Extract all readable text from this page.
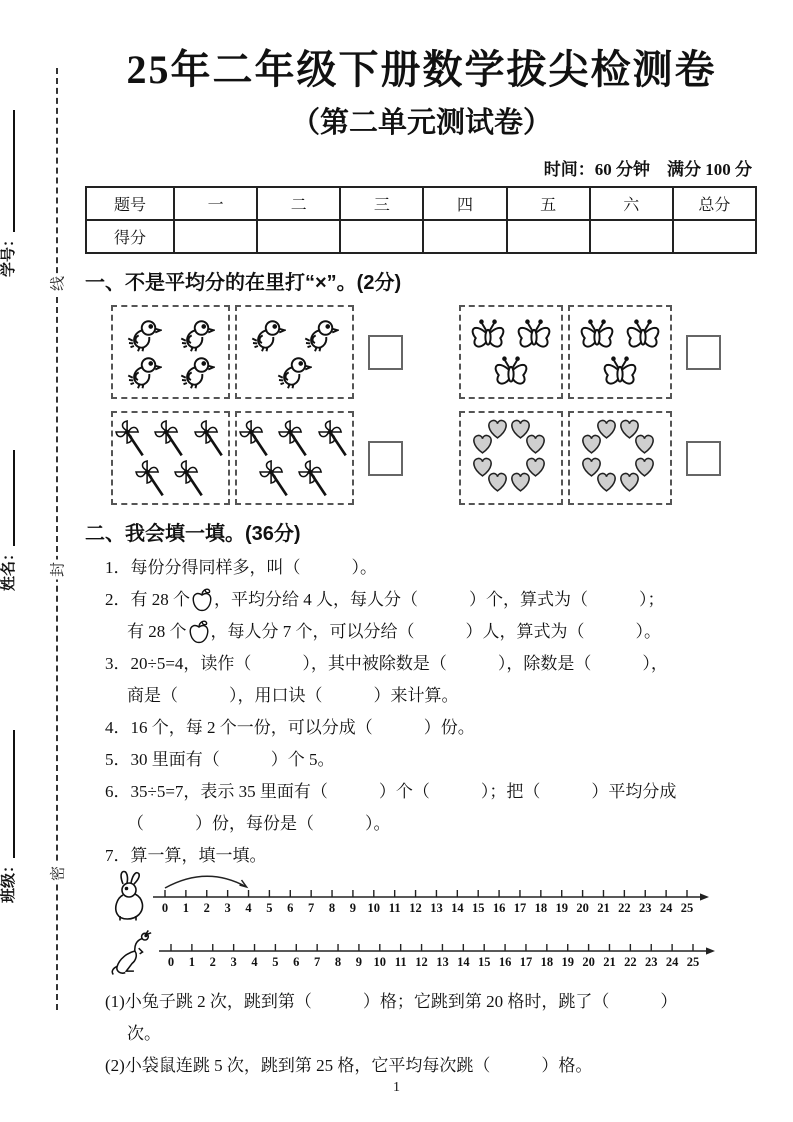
线
封
密
学号：
姓名：
班级：
25年二年级下册数学拔尖检测卷
（第二单元测试卷）
时间：60 分钟　满分 100 分
题号	一	二	三	四	五	六	总分
得分							
一、不是平均分的在里打“×”。(2分)
二、我会填一填。(36分)
1．每份分得同样多，叫（　　　）。
2．有 28 个 ，平均分给 4 人，每人分（　　　）个，算式为（　　　）；
有 28 个 ，每人分 7 个，可以分给（　　　）人，算式为（　　　）。
3．20÷5=4，读作（　　　），其中被除数是（　　　），除数是（　　　），
商是（　　　），用口诀（　　　）来计算。
4．16 个，每 2 个一份，可以分成（　　　）份。
5．30 里面有（　　　）个 5。
6．35÷5=7，表示 35 里面有（　　　）个（　　　）；把（　　　）平均分成
（　　　）份，每份是（　　　）。
7．算一算，填一填。
0 1 2 3 4 5 6 7 8 9 10 11 12 13 14 15 16 17 18 19 20 21 22 23 24 25
0 1 2 3 4 5 6 7 8 9 10 11 12 13 14 15 16 17 18 19 20 21 22 23 24 25
(1)小兔子跳 2 次，跳到第（　　　）格；它跳到第 20 格时，跳了（　　　）
次。
(2)小袋鼠连跳 5 次，跳到第 25 格，它平均每次跳（　　　）格。
1
